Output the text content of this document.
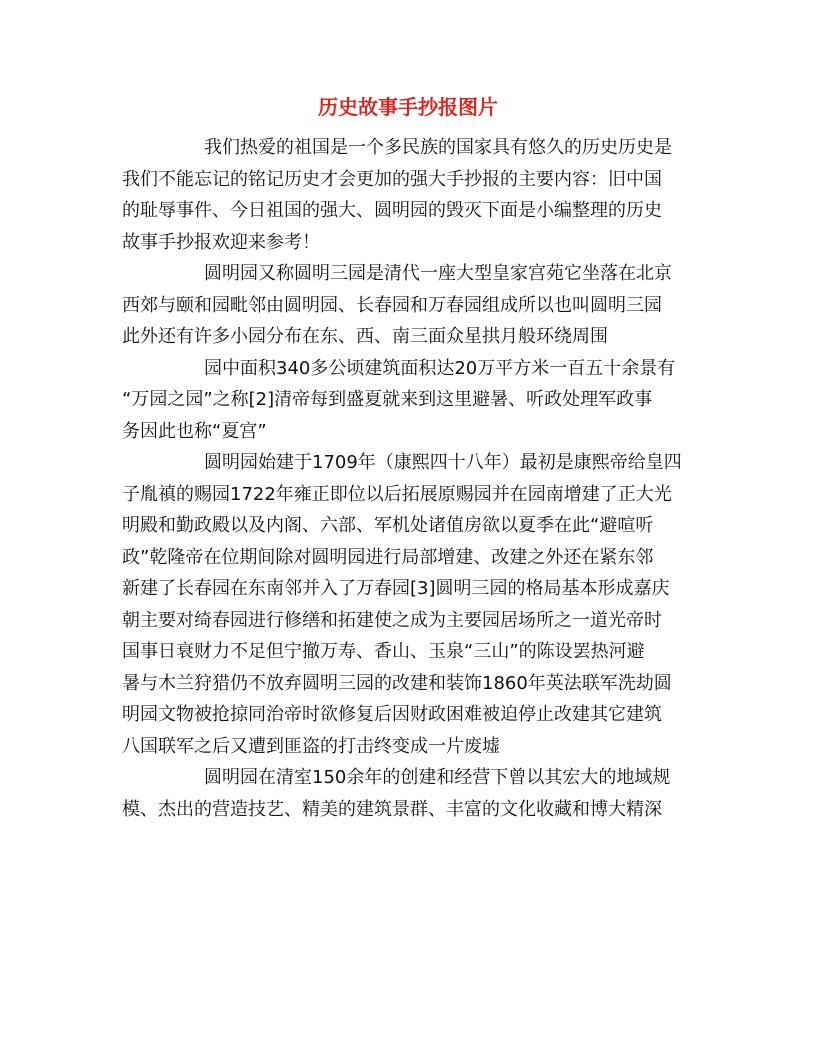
历史故事手抄报图片

我们热爱的祖国是一个多民族的国家具有悠久的历史历史是
我们不能忘记的铭记历史才会更加的强大手抄报的主要内容：旧中国
的耻辱事件、今日祖国的强大、圆明园的毁灭下面是小编整理的历史
故事手抄报欢迎来参考！

圆明园又称圆明三园是清代一座大型皇家宫苑它坐落在北京
西郊与颐和园毗邻由圆明园、长春园和万春园组成所以也叫圆明三园
此外还有许多小园分布在东、西、南三面众星拱月般环绕周围

园中面积340多公顷建筑面积达20万平方米一百五十余景有
“万园之园”之称[2]清帝每到盛夏就来到这里避暑、听政处理军政事
务因此也称“夏宫”

圆明园始建于1709年（康熙四十八年）最初是康熙帝给皇四
子胤禛的赐园1722年雍正即位以后拓展原赐园并在园南增建了正大光
明殿和勤政殿以及内阁、六部、军机处诸值房欲以夏季在此“避喧听
政”乾隆帝在位期间除对圆明园进行局部增建、改建之外还在紧东邻
新建了长春园在东南邻并入了万春园[3]圆明三园的格局基本形成嘉庆
朝主要对绮春园进行修缮和拓建使之成为主要园居场所之一道光帝时
国事日衰财力不足但宁撤万寿、香山、玉泉“三山”的陈设罢热河避
暑与木兰狩猎仍不放弃圆明三园的改建和装饰1860年英法联军洗劫圆
明园文物被抢掠同治帝时欲修复后因财政困难被迫停止改建其它建筑
八国联军之后又遭到匪盗的打击终变成一片废墟

圆明园在清室150余年的创建和经营下曾以其宏大的地域规
模、杰出的营造技艺、精美的建筑景群、丰富的文化收藏和博大精深
